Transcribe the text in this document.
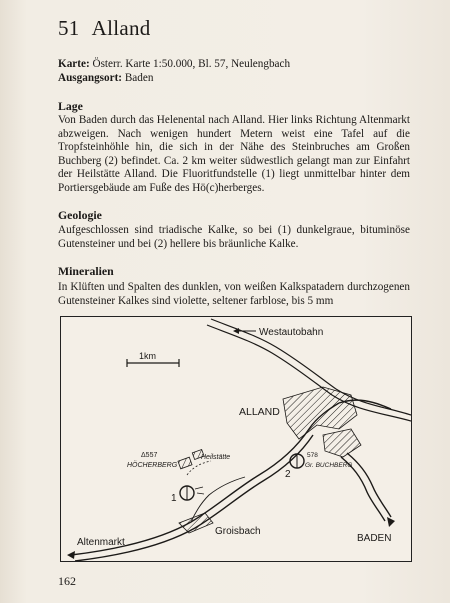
51 Alland
Karte: Österr. Karte 1:50.000, Bl. 57, Neulengbach
Ausgangsort: Baden
Lage
Von Baden durch das Helenental nach Alland. Hier links Richtung Altenmarkt abzweigen. Nach wenigen hundert Metern weist eine Tafel auf die Tropfsteinhöhle hin, die sich in der Nähe des Steinbruches am Großen Buchberg (2) befindet. Ca. 2 km weiter südwestlich gelangt man zur Einfahrt der Heilstätte Alland. Die Fluoritfundstelle (1) liegt unmittelbar hinter dem Portiersgebäude am Fuße des Hö(c)herberges.
Geologie
Aufgeschlossen sind triadische Kalke, so bei (1) dunkelgraue, bituminöse Gutensteiner und bei (2) hellere bis bräunliche Kalke.
Mineralien
In Klüften und Spalten des dunklen, von weißen Kalkspatadern durchzogenen Gutensteiner Kalkes sind violette, seltener farblose, bis 5 mm
Westautobahn
1km
ALLAND
BADEN
Altenmarkt
Heilstätte
Δ557
HÖCHERBERG
1
2
578
Gr. BUCHBERG
Groisbach
162
